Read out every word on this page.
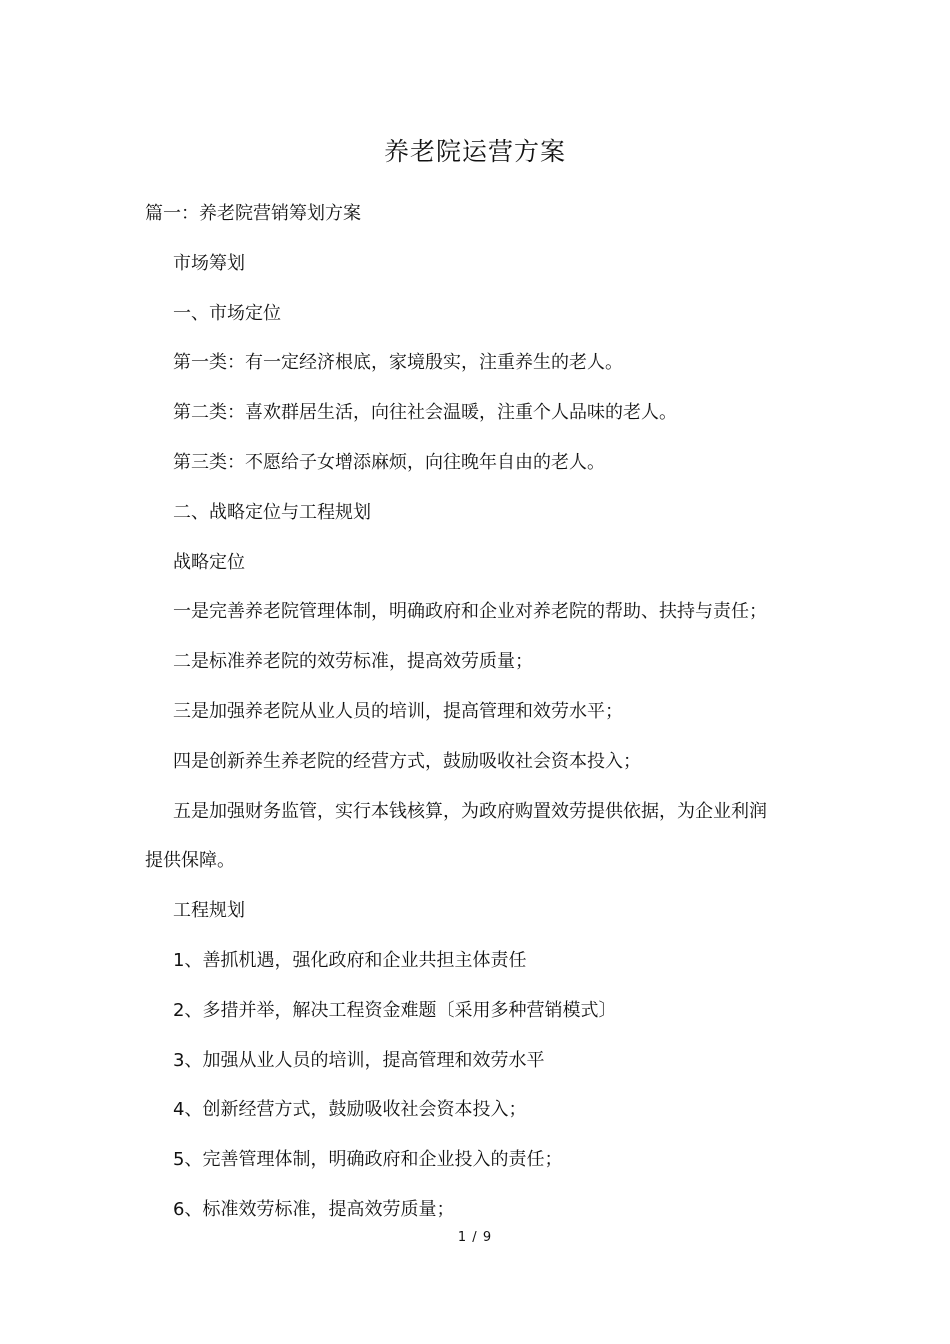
养老院运营方案
篇一：养老院营销筹划方案
市场筹划
一、市场定位
第一类：有一定经济根底，家境殷实，注重养生的老人。
第二类：喜欢群居生活，向往社会温暖，注重个人品味的老人。
第三类：不愿给子女增添麻烦，向往晚年自由的老人。
二、战略定位与工程规划
战略定位
一是完善养老院管理体制，明确政府和企业对养老院的帮助、扶持与责任；
二是标准养老院的效劳标准，提高效劳质量；
三是加强养老院从业人员的培训，提高管理和效劳水平；
四是创新养生养老院的经营方式，鼓励吸收社会资本投入；
五是加强财务监管，实行本钱核算，为政府购置效劳提供依据，为企业利润
提供保障。
工程规划
1、善抓机遇，强化政府和企业共担主体责任
2、多措并举，解决工程资金难题〔采用多种营销模式〕
3、加强从业人员的培训，提高管理和效劳水平
4、创新经营方式，鼓励吸收社会资本投入；
5、完善管理体制，明确政府和企业投入的责任；
6、标准效劳标准，提高效劳质量；
1 / 9
